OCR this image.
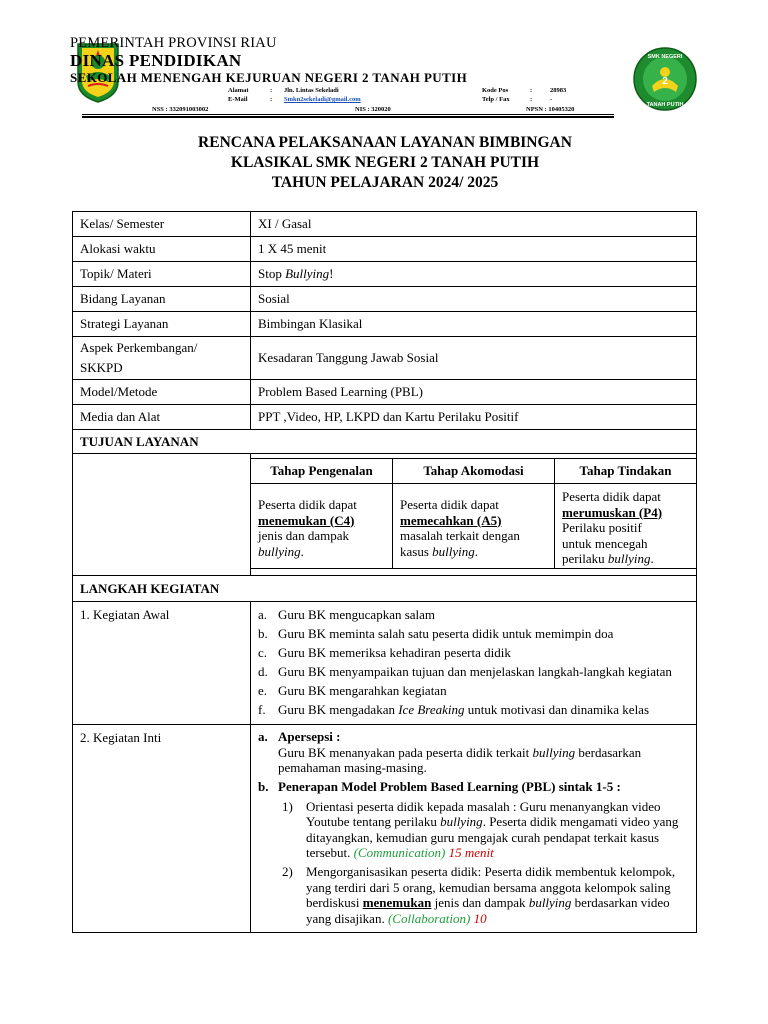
PEMERINTAH PROVINSI RIAU
DINAS PENDIDIKAN
SEKOLAH MENENGAH KEJURUAN NEGERI 2 TANAH PUTIH
Alamat	: Jln. Lintas Sekeladi	Kode Pos	:	28983
E-Mail	: Smkn2sekeladi@gmail.com	Telp / Fax	:	-
NSS : 332091003002	NIS : 320020	NPSN : 10405320
SMK NEGERI
2
TANAH PUTIH
RENCANA PELAKSANAAN LAYANAN BIMBINGAN
KLASIKAL SMK NEGERI 2 TANAH PUTIH
TAHUN PELAJARAN 2024/ 2025
Kelas/ Semester	XI / Gasal
Alokasi waktu	1 X 45 menit
Topik/ Materi	Stop Bullying!
Bidang Layanan	Sosial
Strategi Layanan	Bimbingan Klasikal
Aspek Perkembangan/
SKKPD	Kesadaran Tanggung Jawab Sosial
Model/Metode	Problem Based Learning (PBL)
Media dan Alat	PPT ,Video, HP, LKPD dan Kartu Perilaku Positif
TUJUAN LAYANAN

Tahap Pengenalan	Tahap Akomodasi	Tahap Tindakan
Peserta didik dapat
menemukan (C4)
jenis dan dampak
bullying.	Peserta didik dapat
memecahkan (A5)
masalah terkait dengan
kasus bullying.	Peserta didik dapat
merumuskan (P4)
Perilaku positif
untuk mencegah
perilaku bullying.

LANGKAH KEGIATAN
1. Kegiatan Awal	a. Guru BK mengucapkan salam
b. Guru BK meminta salah satu peserta didik untuk memimpin doa
c. Guru BK memeriksa kehadiran peserta didik
d. Guru BK menyampaikan tujuan dan menjelaskan langkah-langkah kegiatan
e. Guru BK mengarahkan kegiatan
f. Guru BK mengadakan Ice Breaking untuk motivasi dan dinamika kelas

2. Kegiatan Inti	a. Apersepsi :
Guru BK menanyakan pada peserta didik terkait bullying berdasarkan pemahaman masing-masing.
b. Penerapan Model Problem Based Learning (PBL) sintak 1-5 :
1) Orientasi peserta didik kepada masalah : Guru menanyangkan video Youtube tentang perilaku bullying. Peserta didik mengamati video yang ditayangkan, kemudian guru mengajak curah pendapat terkait kasus tersebut. (Communication) 15 menit
2) Mengorganisasikan peserta didik: Peserta didik membentuk kelompok, yang terdiri dari 5 orang, kemudian bersama anggota kelompok saling berdiskusi menemukan jenis dan dampak bullying berdasarkan video yang disajikan. (Collaboration) 10
